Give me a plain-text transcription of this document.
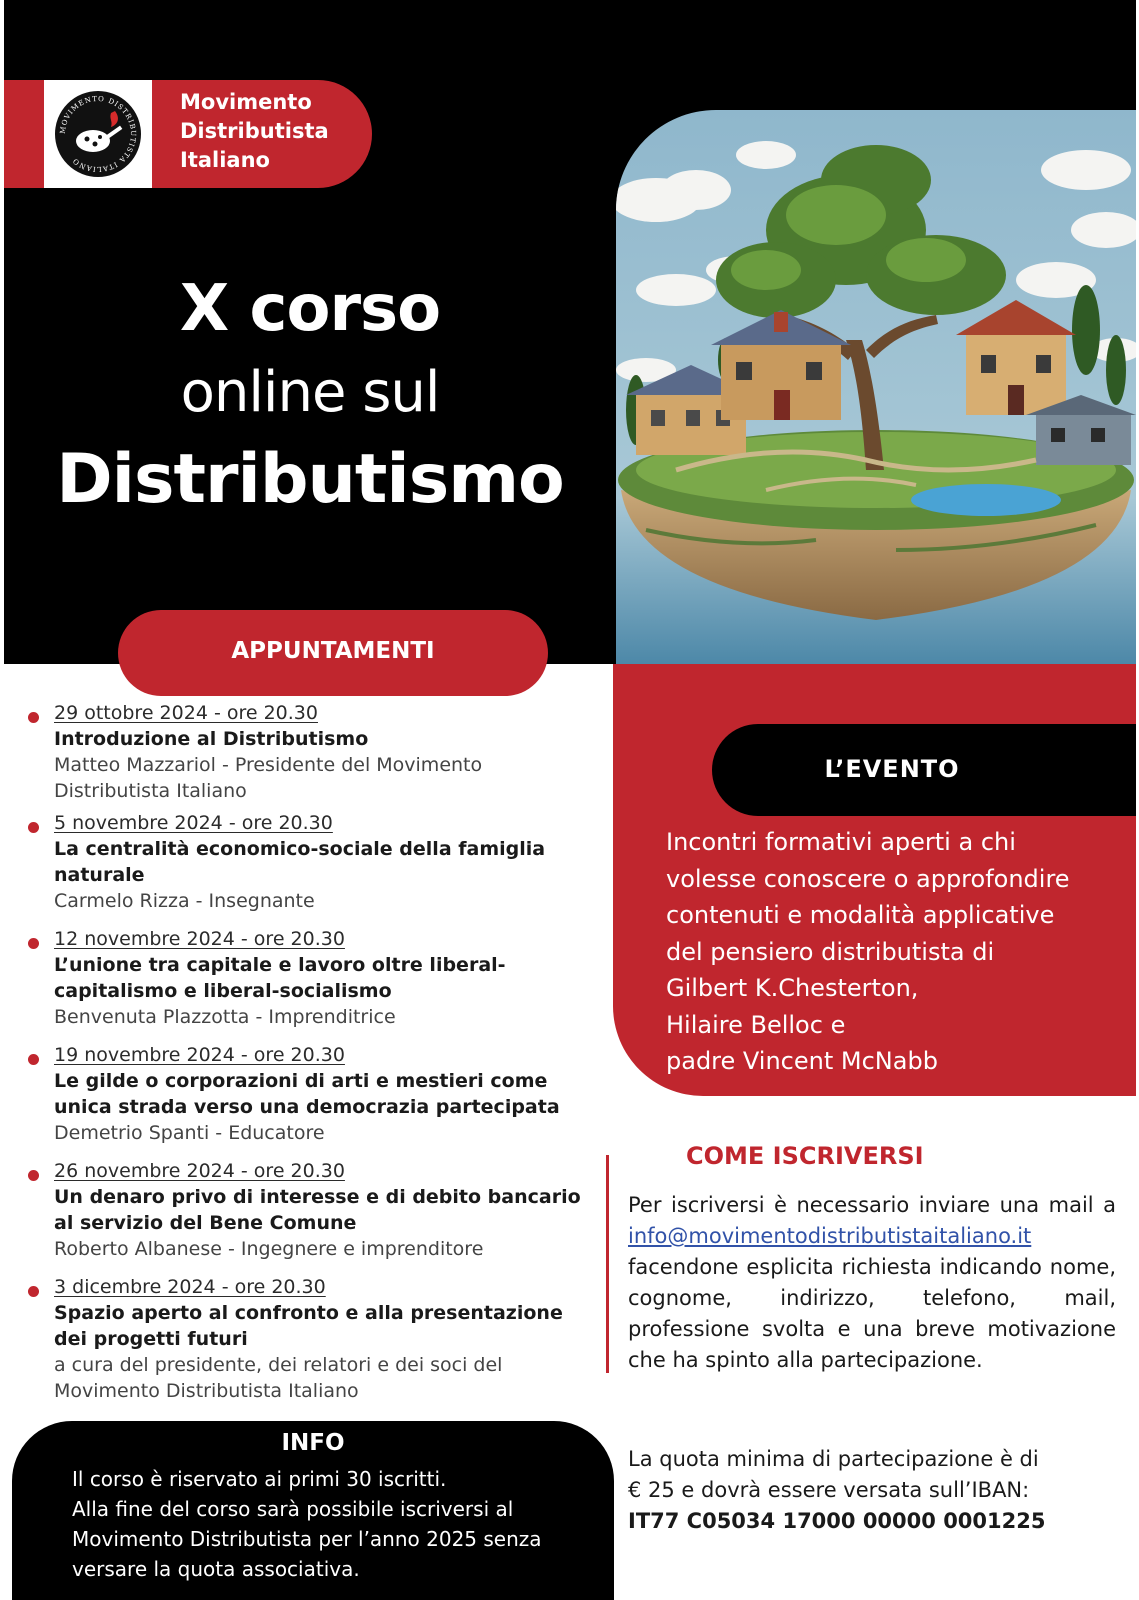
MOVIMENTO DISTRIBUTISTA ITALIANO
Movimento
Distributista
Italiano
X corso
online sul
Distributismo
APPUNTAMENTI
L’EVENTO
Incontri formativi aperti a chi
volesse conoscere o approfondire
contenuti e modalità applicative
del pensiero distributista di
Gilbert K.Chesterton,
Hilaire Belloc e
padre Vincent McNabb
29 ottobre 2024 - ore 20.30
Introduzione al Distributismo
Matteo Mazzariol - Presidente del Movimento Distributista Italiano
5 novembre 2024 - ore 20.30
La centralità economico-sociale della famiglia naturale
Carmelo Rizza - Insegnante
12 novembre 2024 - ore 20.30
L’unione tra capitale e lavoro oltre liberal-capitalismo e liberal-socialismo
Benvenuta Plazzotta - Imprenditrice
19 novembre 2024 - ore 20.30
Le gilde o corporazioni di arti e mestieri come unica strada verso una democrazia partecipata
Demetrio Spanti - Educatore
26 novembre 2024 - ore 20.30
Un denaro privo di interesse e di debito bancario al servizio del Bene Comune
Roberto Albanese - Ingegnere e imprenditore
3 dicembre 2024 - ore 20.30
Spazio aperto al confronto e alla presentazione dei progetti futuri
a cura del presidente, dei relatori e dei soci del Movimento Distributista Italiano
INFO
Il corso è riservato ai primi 30 iscritti.
Alla fine del corso sarà possibile iscriversi al
Movimento Distributista per l’anno 2025 senza
versare la quota associativa.
COME ISCRIVERSI
Per iscriversi è necessario inviare una mail a info@movimentodistributistaitaliano.it facendone esplicita richiesta indicando nome, cognome, indirizzo, telefono, mail, professione svolta e una breve motivazione che ha spinto alla partecipazione.
La quota minima di partecipazione è di
€ 25 e dovrà essere versata sull’IBAN:
IT77 C05034 17000 00000 0001225
